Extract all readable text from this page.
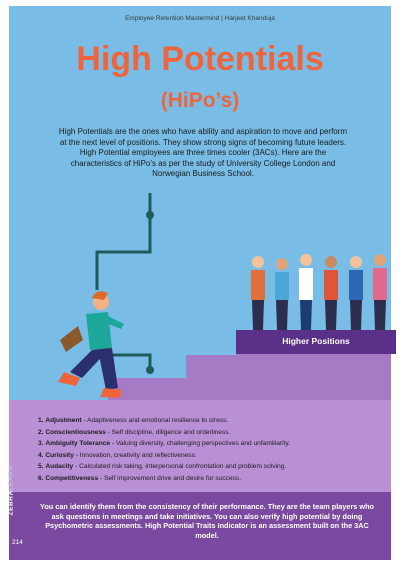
Employee Retention Mastermind | Harjeet Khanduja
High Potentials
(HiPo’s)
High Potentials are the ones who have ability and aspiration to move and perform at the next level of positions. They show strong signs of becoming future leaders. High Potential employees are three times cooler (3ACs). Here are the characteristics of HiPo’s as per the study of University College London and Norwegian Business School.
Higher Positions
1. Adjustment - Adaptiveness and emotional resilience to stress.
2. Conscientiousness - Self discipline, diligence and orderliness.
3. Ambiguity Tolerance - Valuing diversity, challenging perspectives and unfamiliarity.
4. Curiosity - Innovation, creativity and reflectiveness.
5. Audacity - Calculated risk taking, interpersonal confrontation and problem solving.
6. Competitiveness - Self improvement drive and desire for success.
You can identify them from the consistency of their performance. They are the team players who ask questions in meetings and take initiatives. You can also verify high potential by doing Psychometric assessments. High Potential Traits Indicator is an assessment built on the 3AC model.
ZEBRALEARN
214
